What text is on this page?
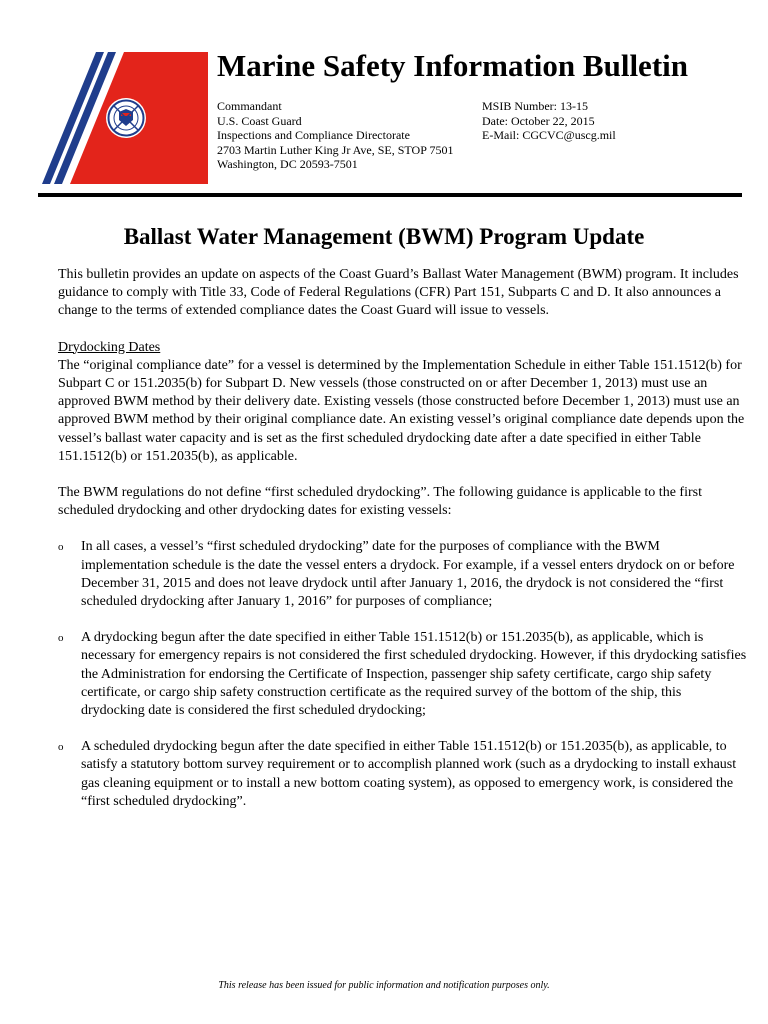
Marine Safety Information Bulletin
Commandant
U.S. Coast Guard
Inspections and Compliance Directorate
2703 Martin Luther King Jr Ave, SE, STOP 7501
Washington, DC 20593-7501
MSIB Number: 13-15
Date: October 22, 2015
E-Mail: CGCVC@uscg.mil
Ballast Water Management (BWM) Program Update

This bulletin provides an update on aspects of the Coast Guard’s Ballast Water Management (BWM) program. It includes guidance to comply with Title 33, Code of Federal Regulations (CFR) Part 151, Subparts C and D. It also announces a change to the terms of extended compliance dates the Coast Guard will issue to vessels.

Drydocking Dates
The “original compliance date” for a vessel is determined by the Implementation Schedule in either Table 151.1512(b) for Subpart C or 151.2035(b) for Subpart D. New vessels (those constructed on or after December 1, 2013) must use an approved BWM method by their delivery date. Existing vessels (those constructed before December 1, 2013) must use an approved BWM method by their original compliance date. An existing vessel’s original compliance date depends upon the vessel’s ballast water capacity and is set as the first scheduled drydocking date after a date specified in either Table 151.1512(b) or 151.2035(b), as applicable.

The BWM regulations do not define “first scheduled drydocking”. The following guidance is applicable to the first scheduled drydocking and other drydocking dates for existing vessels:

o In all cases, a vessel’s “first scheduled drydocking” date for the purposes of compliance with the BWM implementation schedule is the date the vessel enters a drydock. For example, if a vessel enters drydock on or before December 31, 2015 and does not leave drydock until after January 1, 2016, the drydock is not considered the “first scheduled drydocking after January 1, 2016” for purposes of compliance;
o A drydocking begun after the date specified in either Table 151.1512(b) or 151.2035(b), as applicable, which is necessary for emergency repairs is not considered the first scheduled drydocking. However, if this drydocking satisfies the Administration for endorsing the Certificate of Inspection, passenger ship safety certificate, cargo ship safety certificate, or cargo ship safety construction certificate as the required survey of the bottom of the ship, this drydocking date is considered the first scheduled drydocking;
o A scheduled drydocking begun after the date specified in either Table 151.1512(b) or 151.2035(b), as applicable, to satisfy a statutory bottom survey requirement or to accomplish planned work (such as a drydocking to install exhaust gas cleaning equipment or to install a new bottom coating system), as opposed to emergency work, is considered the “first scheduled drydocking”.
This release has been issued for public information and notification purposes only.
